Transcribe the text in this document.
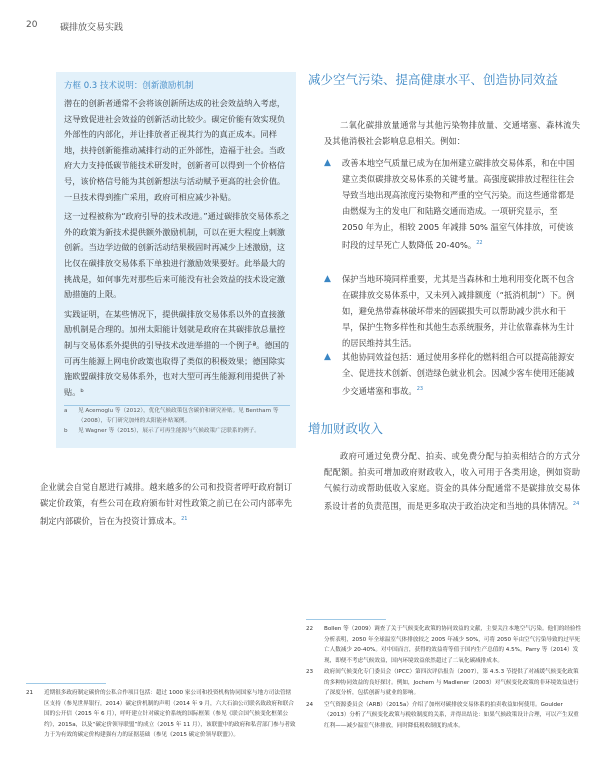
20	碳排放交易实践
方框 0.3 技术说明：创新激励机制

潜在的创新者通常不会将该创新所达成的社会效益纳入考虑，这导致促进社会效益的创新活动比较少。碳定价能有效实现负外部性的内部化，并让排放者正视其行为的真正成本。同样地，扶持创新能推动减排行动的正外部性，造福于社会。当政府大力支持低碳节能技术研发时，创新者可以得到一个价格信号，该价格信号能为其创新想法与活动赋予更高的社会价值。一旦技术得到推广采用，政府可相应减少补贴。

这一过程被称为“政府引导的技术改进。”通过碳排放交易体系之外的政策为新技术提供额外激励机制，可以在更大程度上刺激创新。当边学边做的创新活动结果极固时再减少上述激励，这比仅在碳排放交易体系下单独进行激励效果要好。此举最大的挑战是，如何事先对那些后来可能没有社会效益的技术设定激励措施的上限。

实践证明，在某些情况下，提供碳排放交易体系以外的直接激励机制是合理的。加州太阳能计划就是政府在其碳排放总量控制与交易体系外提供的引导技术改进举措的一个例子ª。德国的可再生能源上网电价政策也取得了类似的积极效果；德国除实施欧盟碳排放交易体系外，也对大型可再生能源利用提供了补贴。ᵇ

a	见 Acemoglu 等（2012），优化气候政策包含碳价和研究补贴。见 Bentham 等（2008），专门研究加州的太阳能补贴案例。
b	见 Wagner 等（2015），展示了可再生能源与气候政策广泛联系的例子。
企业就会自觉自愿进行减排。越来越多的公司和投资者呼吁政府制订碳定价政策，有些公司在政府颁布针对性政策之前已在公司内部率先制定内部碳价，旨在为投资计算成本。$^{21}$
减少空气污染、提高健康水平、创造协同效益

二氧化碳排放量通常与其他污染物排放量、交通堵塞、森林流失及其他消极社会影响息息相关。例如：

▲	改善本地空气质量已成为在加州建立碳排放交易体系，和在中国建立类似碳排放交易体系的关键考量。高强度碳排放过程往往会导致当地出现高浓度污染物和严重的空气污染。而这些通常都是由燃煤为主的发电厂和陆路交通而造成。一项研究显示，至 2050 年为止，相较 2005 年减排 50% 温室气体排放，可使该时段的过早死亡人数降低 20-40%。$^{22}$
▲	保护当地环境同样重要，尤其是当森林和土地利用变化既不包含在碳排放交易体系中，又未列入减排额度（“抵消机制”）下。例如，避免热带森林破坏带来的固碳损失可以帮助减少洪水和干旱，保护生物多样性和其他生态系统服务，并让依靠森林为生计的居民维持其生活。
▲	其他协同效益包括：通过使用多样化的燃料组合可以提高能源安全、促进技术创新、创造绿色就业机会。因减少客车使用还能减少交通堵塞和事故。$^{23}$
增加财政收入

政府可通过免费分配、拍卖、或免费分配与拍卖相结合的方式分配配额。拍卖可增加政府财政收入，收入可用于各类用途，例如资助气候行动或帮助低收入家庭。资金的具体分配通常不是碳排放交易体系设计者的负责范围，而是更多取决于政治决定和当地的具体情况。$^{24}$

22	Bollen 等（2009）调查了关于气候变化政策的协同效益的文献，主要关注本地空气污染。他们的经验性分析表明，2050 年全球温室气体排放较之 2005 年减少 50%，可将 2050 年由空气污染导致的过早死亡人数减少 20-40%。对中国而言，获得的效益将等值于国内生产总值的 4.5%。Parry 等（2014）发现，即便不考虑气候效益，国内环境效益依然超过了二氧化碳减排成本。
23	政府间气候变化专门委员会（IPCC）第四次评估报告（2007），第 4.5.3 节提供了对减缓气候变化政策的多种协同效益的良好探讨。例如，Jochem 与 Madlener（2003）对气候变化政策的非环境效益进行了深度分析，包括创新与就业的影响。
24	空气资源委员会（ARB）（2015a）介绍了加州对碳排放交易体系的拍卖收益如何使用。Goulder（2013）分析了气候变化政策与税收制度的关系，并得出结论：如果气候政策设计合理，可以产生双重红利——减少温室气体排放，同时降低税收制度的成本。
21	近期很多政府制定碳价的公私合作项目包括：超过 1000 家公司和投资机构协同国家与地方司法管辖区支持（参见世界银行，2014）碳定价机制的声明（2014 年 9 月，六大石油公司联名致政府和联合国的公开信（2015 年 6 月），呼吁建立针对碳定价系统的国际框架（参见《联合国气候变化框架公约》，2015a，以及“碳定价领导联盟”的成立（2015 年 11 月），该联盟中的政府和私营部门参与者致力于为有效的碳定价构建强有力的证据基础（参见《2015 碳定价领导联盟》）。
